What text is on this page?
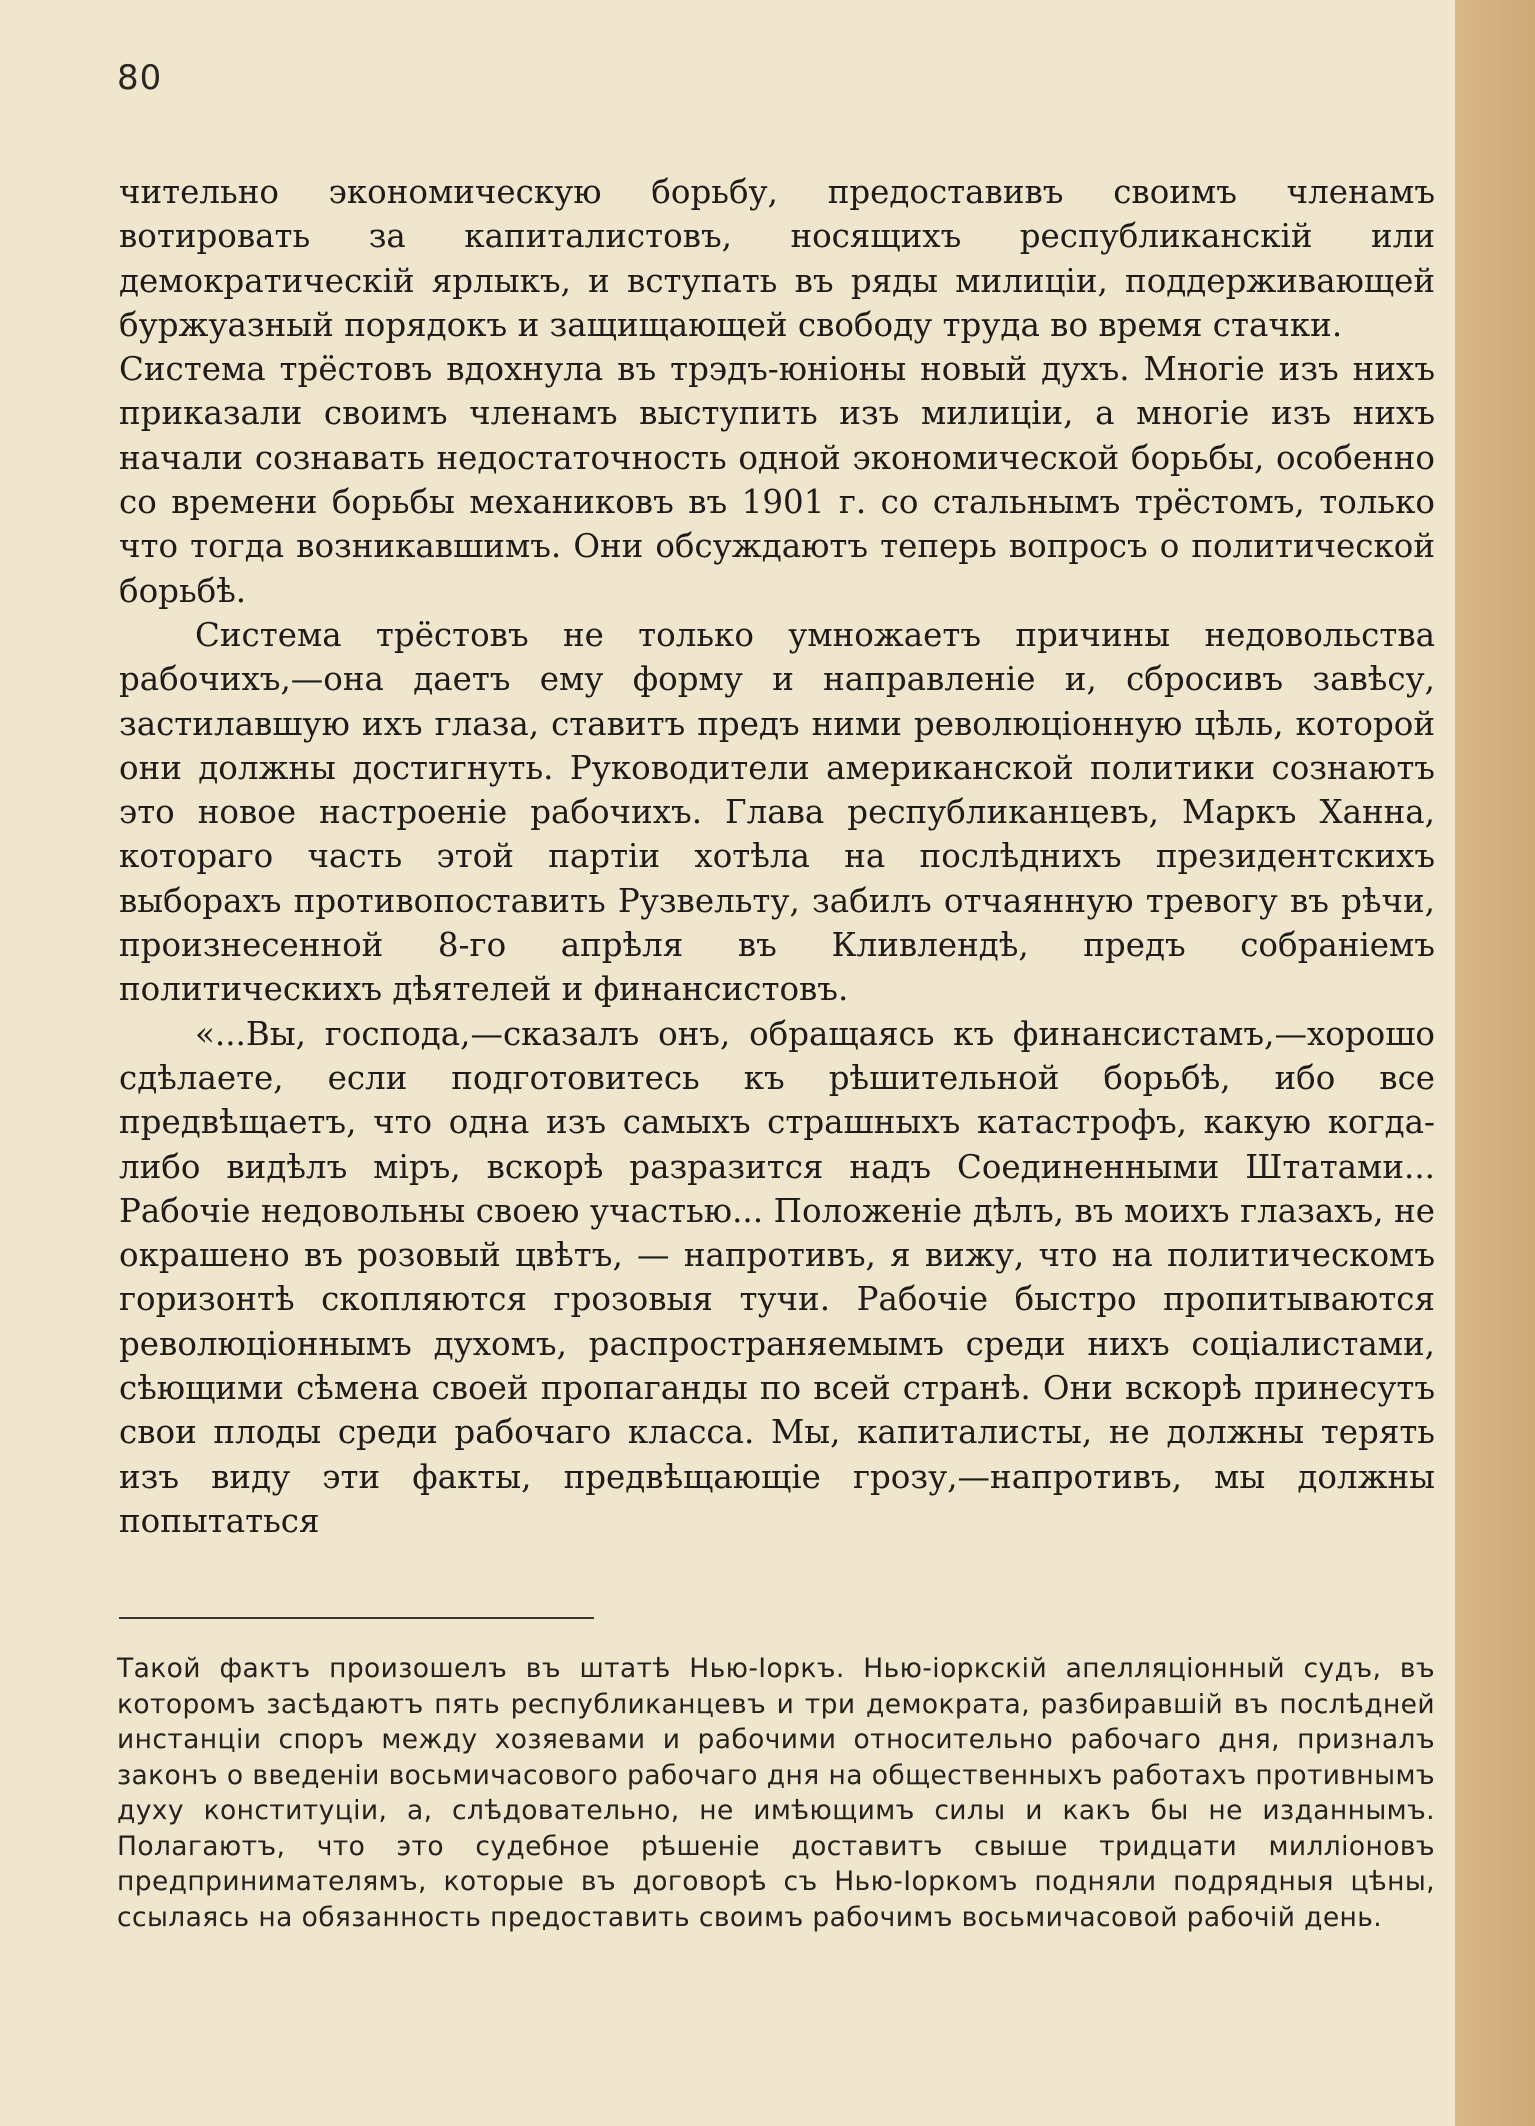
80

чительно экономическую борьбу, предоставивъ своимъ членамъ вотировать за капиталистовъ, носящихъ республиканскій или демократическій ярлыкъ, и вступать въ ряды милиціи, поддерживающей буржуазный порядокъ и защищающей свободу труда во время стачки.

Система трёстовъ вдохнула въ трэдъ-юніоны новый духъ. Многіе изъ нихъ приказали своимъ членамъ выступить изъ милиціи, а многіе изъ нихъ начали сознавать недостаточность одной экономической борьбы, особенно со времени борьбы механиковъ въ 1901 г. со стальнымъ трёстомъ, только что тогда возникавшимъ. Они обсуждаютъ теперь вопросъ о политической борьбѣ.

Система трёстовъ не только умножаетъ причины недовольства рабочихъ,—она даетъ ему форму и направленіе и, сбросивъ завѣсу, застилавшую ихъ глаза, ставитъ предъ ними революціонную цѣль, которой они должны достигнуть. Руководители американской политики сознаютъ это новое настроеніе рабочихъ. Глава республиканцевъ, Маркъ Ханна, котораго часть этой партіи хотѣла на послѣднихъ президентскихъ выборахъ противопоставить Рузвельту, забилъ отчаянную тревогу въ рѣчи, произнесенной 8-го апрѣля въ Кливлендѣ, предъ собраніемъ политическихъ дѣятелей и финансистовъ.

«...Вы, господа,—сказалъ онъ, обращаясь къ финансистамъ,—хорошо сдѣлаете, если подготовитесь къ рѣшительной борьбѣ, ибо все предвѣщаетъ, что одна изъ самыхъ страшныхъ катастрофъ, какую когда-либо видѣлъ міръ, вскорѣ разразится надъ Соединенными Штатами... Рабочіе недовольны своею участью... Положеніе дѣлъ, въ моихъ глазахъ, не окрашено въ розовый цвѣтъ, — напротивъ, я вижу, что на политическомъ горизонтѣ скопляются грозовыя тучи. Рабочіе быстро пропитываются революціоннымъ духомъ, распространяемымъ среди нихъ соціалистами, сѣющими сѣмена своей пропаганды по всей странѣ. Они вскорѣ принесутъ свои плоды среди рабочаго класса. Мы, капиталисты, не должны терять изъ виду эти факты, предвѣщающіе грозу,—напротивъ, мы должны попытаться

Такой фактъ произошелъ въ штатѣ Нью-Іоркъ. Нью-іоркскій апелляціонный судъ, въ которомъ засѣдаютъ пять республиканцевъ и три демократа, разбиравшій въ послѣдней инстанціи споръ между хозяевами и рабочими относительно рабочаго дня, призналъ законъ о введеніи восьмичасового рабочаго дня на общественныхъ работахъ противнымъ духу конституціи, а, слѣдовательно, не имѣющимъ силы и какъ бы не изданнымъ. Полагаютъ, что это судебное рѣшеніе доставитъ свыше тридцати милліоновъ предпринимателямъ, которые въ договорѣ съ Нью-Іоркомъ подняли подрядныя цѣны, ссылаясь на обязанность предоставить своимъ рабочимъ восьмичасовой рабочій день.
